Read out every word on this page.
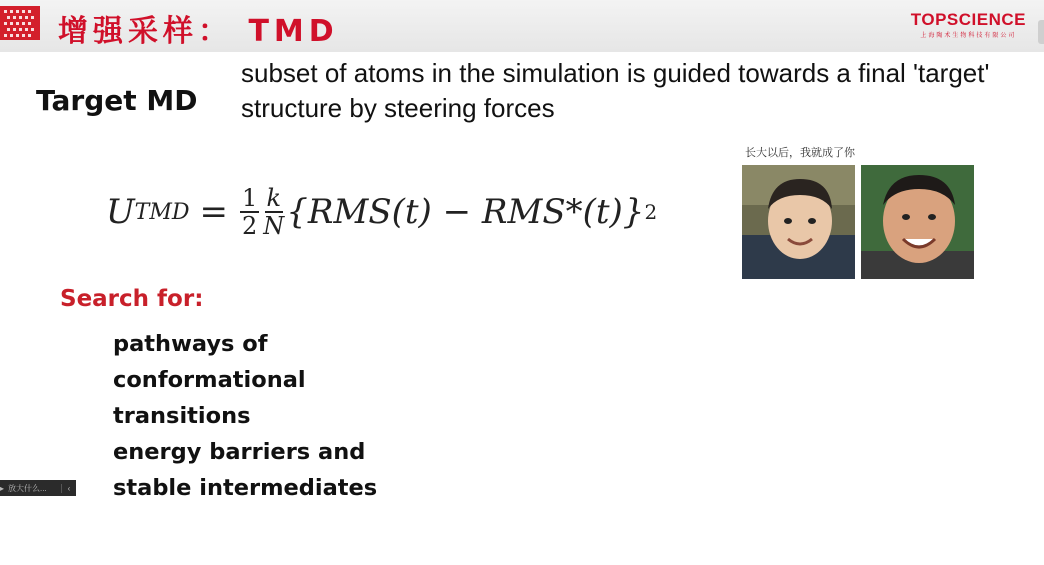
增强采样： TMD	TOPSCIENCE
上海陶术生物科技有限公司
Target MD
subset of atoms in the simulation is guided towards a final 'target' structure by steering forces
U TMD = $\frac{1}{2} \frac{k}{N} \{RMS(t) - RMS*(t)\}$ 2
长大以后，我就成了你
Search for:
pathways of
conformational
transitions
energy barriers and
stable intermediates
▸ 放大什么...	‹
